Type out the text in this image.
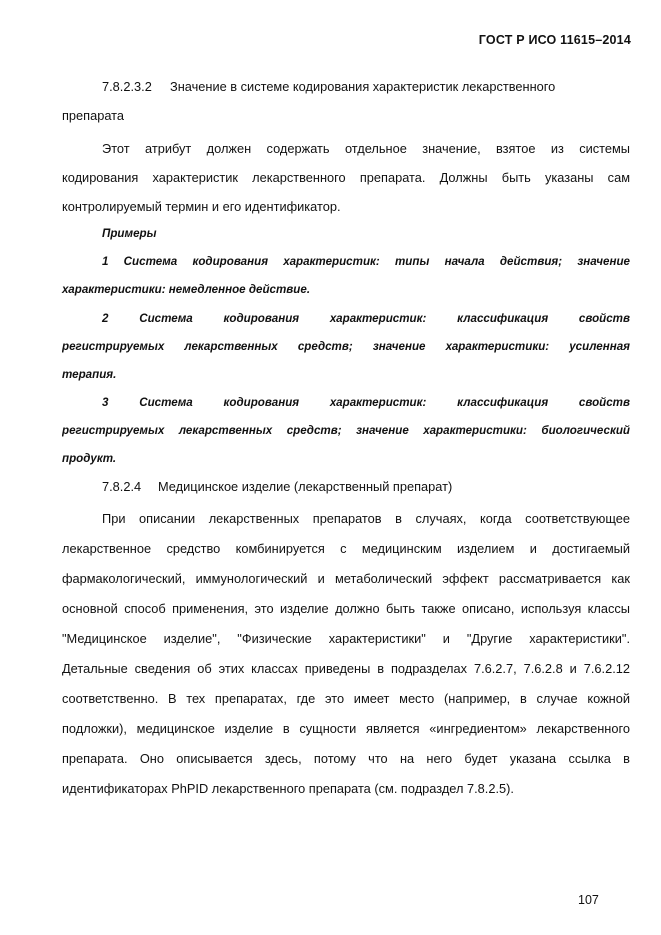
ГОСТ Р ИСО 11615–2014
7.8.2.3.2 Значение в системе кодирования характеристик лекарственного
препарата
Этот атрибут должен содержать отдельное значение, взятое из системы
кодирования характеристик лекарственного препарата. Должны быть указаны сам
контролируемый термин и его идентификатор.
Примеры
1 Система кодирования характеристик: типы начала действия; значение
характеристики: немедленное действие.
2 Система кодирования характеристик: классификация свойств
регистрируемых лекарственных средств; значение характеристики: усиленная
терапия.
3 Система кодирования характеристик: классификация свойств
регистрируемых лекарственных средств; значение характеристики: биологический
продукт.
7.8.2.4 Медицинское изделие (лекарственный препарат)
При описании лекарственных препаратов в случаях, когда соответствующее
лекарственное средство комбинируется с медицинским изделием и достигаемый
фармакологический, иммунологический и метаболический эффект рассматривается как
основной способ применения, это изделие должно быть также описано, используя классы
"Медицинское изделие", "Физические характеристики" и "Другие характеристики".
Детальные сведения об этих классах приведены в подразделах 7.6.2.7, 7.6.2.8 и 7.6.2.12
соответственно. В тех препаратах, где это имеет место (например, в случае кожной
подложки), медицинское изделие в сущности является «ингредиентом» лекарственного
препарата. Оно описывается здесь, потому что на него будет указана ссылка в
идентификаторах PhPID лекарственного препарата (см. подраздел 7.8.2.5).
107
